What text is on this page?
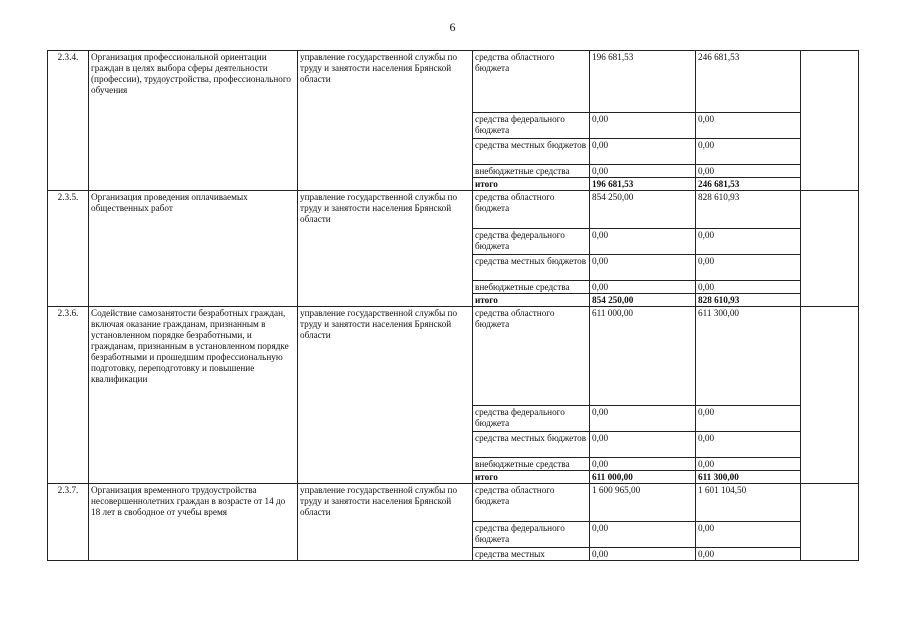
6
2.3.4.	Организация профессиональной ориентации граждан в целях выбора сферы деятельности (профессии), трудоустройства, профессионального обучения	управление государственной службы по труду и занятости населения Брянской области	средства областного бюджета	196 681,53	246 681,53	
			средства федерального бюджета	0,00	0,00	
			средства местных бюджетов	0,00	0,00	
			внебюджетные средства	0,00	0,00	
			итого	196 681,53	246 681,53	
2.3.5.	Организация проведения оплачиваемых общественных работ	управление государственной службы по труду и занятости населения Брянской области	средства областного бюджета	854 250,00	828 610,93	
			средства федерального бюджета	0,00	0,00	
			средства местных бюджетов	0,00	0,00	
			внебюджетные средства	0,00	0,00	
			итого	854 250,00	828 610,93	
2.3.6.	Содействие самозанятости безработных граждан, включая оказание гражданам, признанным в установленном порядке безработными, и гражданам, признанным в установленном порядке безработными и прошедшим профессиональную подготовку, переподготовку и повышение квалификации	управление государственной службы по труду и занятости населения Брянской области	средства областного бюджета	611 000,00	611 300,00	
			средства федерального бюджета	0,00	0,00	
			средства местных бюджетов	0,00	0,00	
			внебюджетные средства	0,00	0,00	
			итого	611 000,00	611 300,00	
2.3.7.	Организация временного трудоустройства несовершеннолетних граждан в возрасте от 14 до 18 лет в свободное от учебы время	управление государственной службы по труду и занятости населения Брянской области	средства областного бюджета	1 600 965,00	1 601 104,50	
			средства федерального бюджета	0,00	0,00	
			средства местных	0,00	0,00	
